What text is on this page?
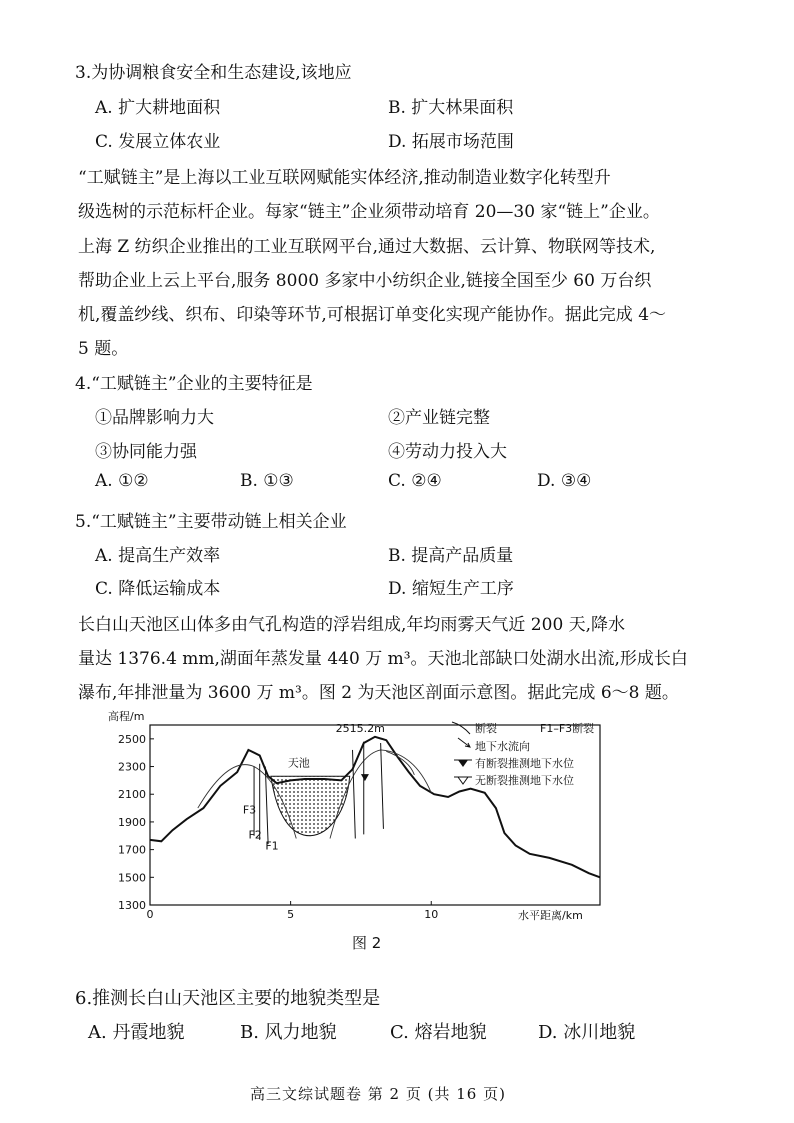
3.为协调粮食安全和生态建设,该地应
A. 扩大耕地面积	B. 扩大林果面积
C. 发展立体农业	D. 拓展市场范围
“工赋链主”是上海以工业互联网赋能实体经济,推动制造业数字化转型升
级选树的示范标杆企业。每家“链主”企业须带动培育 20—30 家“链上”企业。
上海 Z 纺织企业推出的工业互联网平台,通过大数据、云计算、物联网等技术,
帮助企业上云上平台,服务 8000 多家中小纺织企业,链接全国至少 60 万台织
机,覆盖纱线、织布、印染等环节,可根据订单变化实现产能协作。据此完成 4～
5 题。
4.“工赋链主”企业的主要特征是
①品牌影响力大	②产业链完整
③协同能力强	④劳动力投入大
A. ①②	B. ①③	C. ②④	D. ③④
5.“工赋链主”主要带动链上相关企业
A. 提高生产效率	B. 提高产品质量
C. 降低运输成本	D. 缩短生产工序
长白山天池区山体多由气孔构造的浮岩组成,年均雨雾天气近 200 天,降水
量达 1376.4 mm,湖面年蒸发量 440 万 m³。天池北部缺口处湖水出流,形成长白
瀑布,年排泄量为 3600 万 m³。图 2 为天池区剖面示意图。据此完成 6～8 题。
高程/m
水平距离/km
1300
1500
1700
1900
2100
2300
2500
0	5	10
天池
F3
F2
F1
2515.2m	断裂	F1–F3断裂
地下水流向
有断裂推测地下水位
无断裂推测地下水位
图 2
6.推测长白山天池区主要的地貌类型是
A. 丹霞地貌	B. 风力地貌	C. 熔岩地貌	D. 冰川地貌
高三文综试题卷 第 2 页 (共 16 页)
